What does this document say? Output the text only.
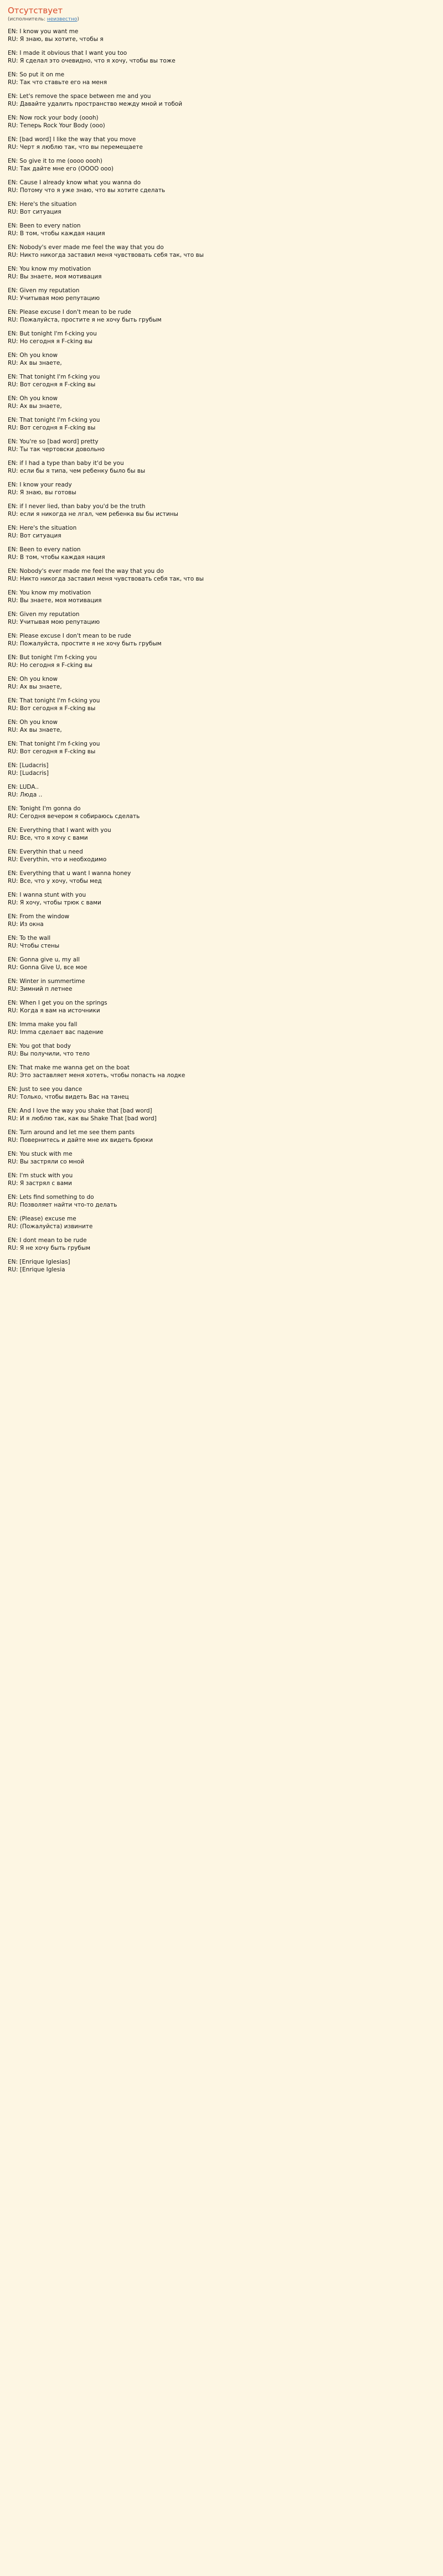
Отсутствует
(исполнитель: неизвестно)
EN: I know you want me
RU: Я знаю, вы хотите, чтобы я
EN: I made it obvious that I want you too
RU: Я сделал это очевидно, что я хочу, чтобы вы тоже
EN: So put it on me
RU: Так что ставьте его на меня
EN: Let's remove the space between me and you
RU: Давайте удалить пространство между мной и тобой
EN: Now rock your body (oooh)
RU: Теперь Rock Your Body (ooo)
EN: [bad word] I like the way that you move
RU: Черт я люблю так, что вы перемещаете
EN: So give it to me (oooo oooh)
RU: Так дайте мне его (ОООО ооо)
EN: Cause I already know what you wanna do
RU: Потому что я уже знаю, что вы хотите сделать
EN: Here's the situation
RU: Вот ситуация
EN: Been to every nation
RU: В том, чтобы каждая нация
EN: Nobody's ever made me feel the way that you do
RU: Никто никогда заставил меня чувствовать себя так, что вы
EN: You know my motivation
RU: Вы знаете, моя мотивация
EN: Given my reputation
RU: Учитывая мою репутацию
EN: Please excuse I don't mean to be rude
RU: Пожалуйста, простите я не хочу быть грубым
EN: But tonight I'm f-cking you
RU: Но сегодня я F-cking вы
EN: Oh you know
RU: Ах вы знаете,
EN: That tonight I'm f-cking you
RU: Вот сегодня я F-cking вы
EN: Oh you know
RU: Ах вы знаете,
EN: That tonight I'm f-cking you
RU: Вот сегодня я F-cking вы
EN: You're so [bad word] pretty
RU: Ты так чертовски довольно
EN: if I had a type than baby it'd be you
RU: если бы я типа, чем ребенку было бы вы
EN: I know your ready
RU: Я знаю, вы готовы
EN: if I never lied, than baby you'd be the truth
RU: если я никогда не лгал, чем ребенка вы бы истины
EN: Here's the situation
RU: Вот ситуация
EN: Been to every nation
RU: В том, чтобы каждая нация
EN: Nobody's ever made me feel the way that you do
RU: Никто никогда заставил меня чувствовать себя так, что вы
EN: You know my motivation
RU: Вы знаете, моя мотивация
EN: Given my reputation
RU: Учитывая мою репутацию
EN: Please excuse I don't mean to be rude
RU: Пожалуйста, простите я не хочу быть грубым
EN: But tonight I'm f-cking you
RU: Но сегодня я F-cking вы
EN: Oh you know
RU: Ах вы знаете,
EN: That tonight I'm f-cking you
RU: Вот сегодня я F-cking вы
EN: Oh you know
RU: Ах вы знаете,
EN: That tonight I'm f-cking you
RU: Вот сегодня я F-cking вы
EN: [Ludacris]
RU: [Ludacris]
EN: LUDA..
RU: Люда ..
EN: Tonight I'm gonna do
RU: Сегодня вечером я собираюсь сделать
EN: Everything that I want with you
RU: Все, что я хочу с вами
EN: Everythin that u need
RU: Everythin, что и необходимо
EN: Everything that u want I wanna honey
RU: Все, что у хочу, чтобы мед
EN: I wanna stunt with you
RU: Я хочу, чтобы трюк с вами
EN: From the window
RU: Из окна
EN: To the wall
RU: Чтобы стены
EN: Gonna give u, my all
RU: Gonna Give U, все мое
EN: Winter in summertime
RU: Зимний п летнее
EN: When I get you on the springs
RU: Когда я вам на источники
EN: Imma make you fall
RU: Imma сделает вас падение
EN: You got that body
RU: Вы получили, что тело
EN: That make me wanna get on the boat
RU: Это заставляет меня хотеть, чтобы попасть на лодке
EN: Just to see you dance
RU: Только, чтобы видеть Вас на танец
EN: And I love the way you shake that [bad word]
RU: И я люблю так, как вы Shake That [bad word]
EN: Turn around and let me see them pants
RU: Повернитесь и дайте мне их видеть брюки
EN: You stuck with me
RU: Вы застряли со мной
EN: I'm stuck with you
RU: Я застрял с вами
EN: Lets find something to do
RU: Позволяет найти что-то делать
EN: (Please) excuse me
RU: (Пожалуйста) извините
EN: I dont mean to be rude
RU: Я не хочу быть грубым
EN: [Enrique Iglesias]
RU: [Enrique Iglesia
